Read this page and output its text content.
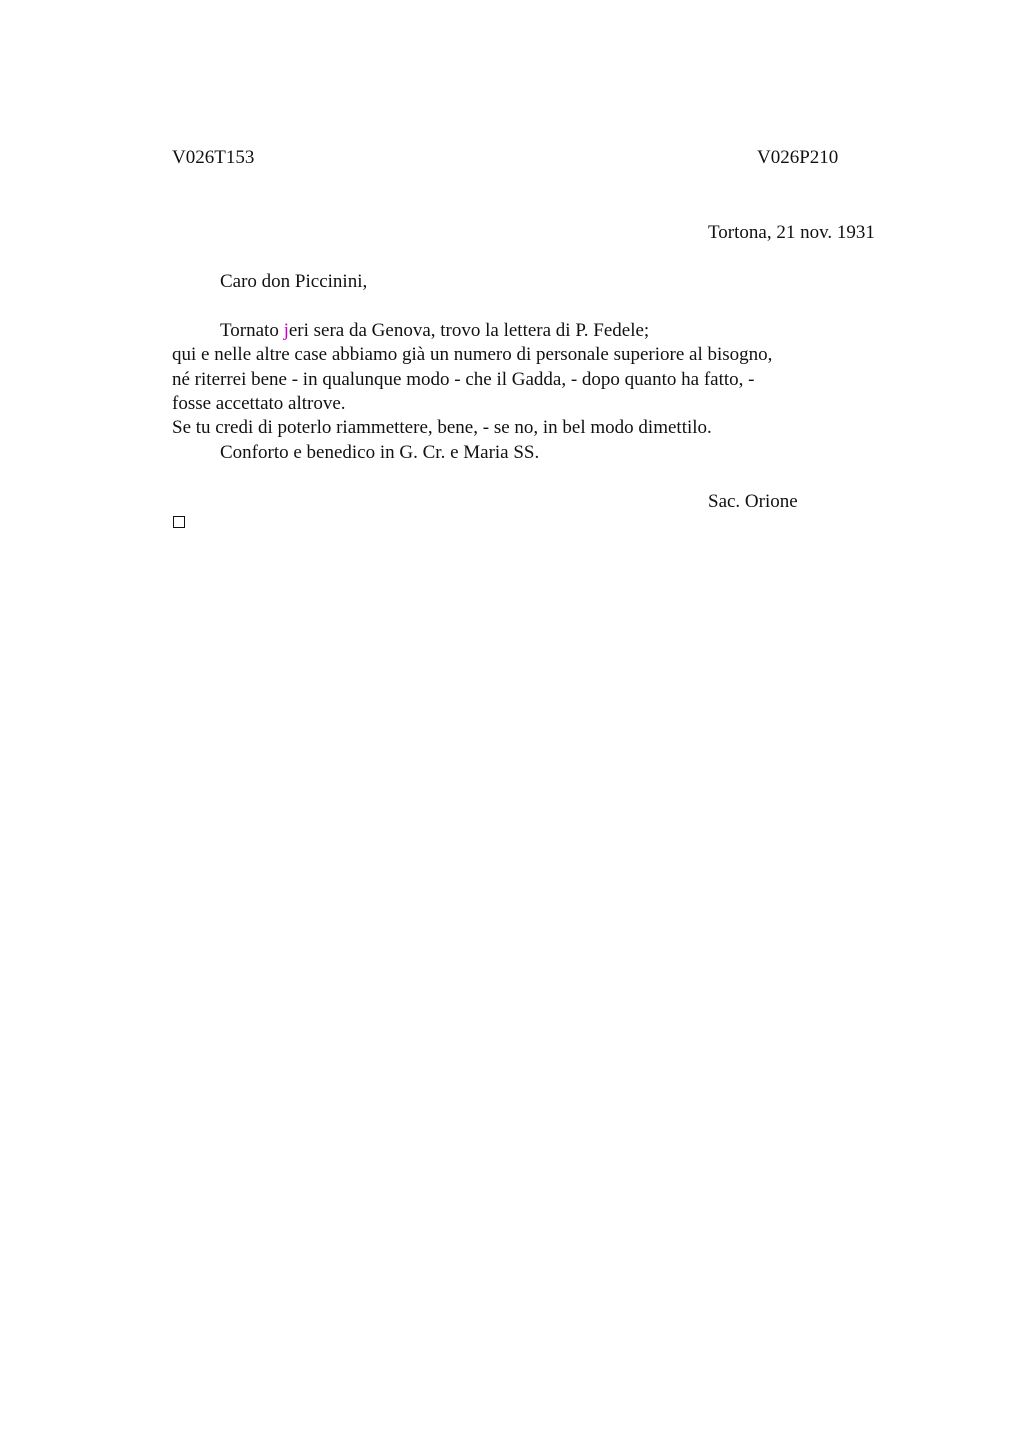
V026T153	V026P210
Tortona, 21 nov. 1931
Caro don Piccinini,
Tornato jeri sera da Genova, trovo la lettera di P. Fedele;
qui e nelle altre case abbiamo già un numero di personale superiore al bisogno,
né riterrei bene - in qualunque modo - che il Gadda, - dopo quanto ha fatto, -
fosse accettato altrove.
Se tu credi di poterlo riammettere, bene, - se no, in bel modo dimettilo.
Conforto e benedico in G. Cr. e Maria SS.
Sac. Orione
